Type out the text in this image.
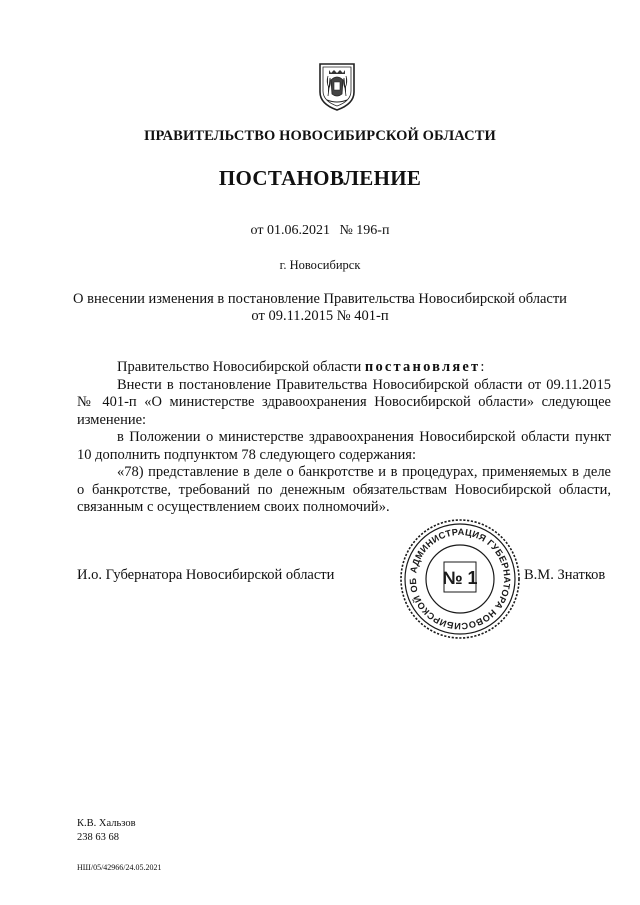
ПРАВИТЕЛЬСТВО НОВОСИБИРСКОЙ ОБЛАСТИ
ПОСТАНОВЛЕНИЕ
от 01.06.2021 № 196-п
г. Новосибирск
О внесении изменения в постановление Правительства Новосибирской области
от 09.11.2015 № 401-п
Правительство Новосибирской области постановляет:

Внести в постановление Правительства Новосибирской области от 09.11.2015 № 401-п «О министерстве здравоохранения Новосибирской области» следующее изменение:

в Положении о министерстве здравоохранения Новосибирской области пункт 10 дополнить подпунктом 78 следующего содержания:

«78) представление в деле о банкротстве и в процедурах, применяемых в деле о банкротстве, требований по денежным обязательствам Новосибирской области, связанным с осуществлением своих полномочий».

И.о. Губернатора Новосибирской области	АДМИНИСТРАЦИЯ ГУБЕРНАТОРА НОВОСИБИРСКОЙ ОБ	№ 1	В.М. Знатков
К.В. Хальзов
238 63 68
НШ/05/42966/24.05.2021
